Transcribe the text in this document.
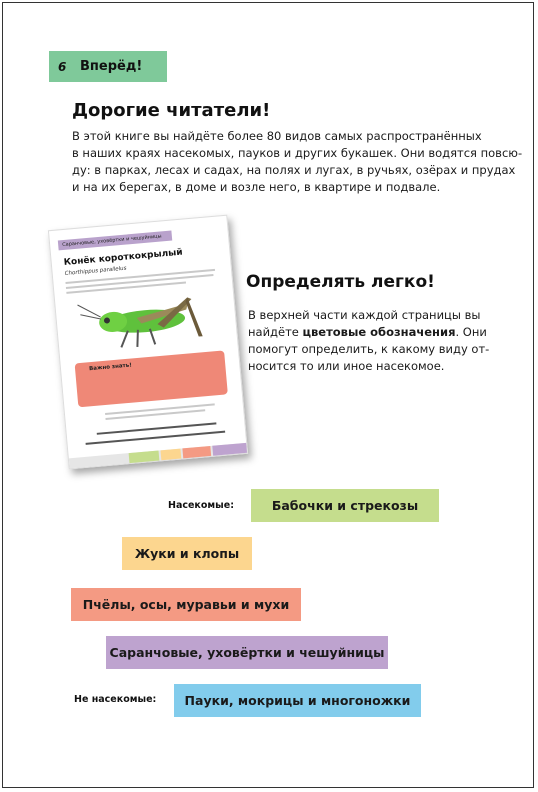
6	Вперёд!
Дорогие читатели!
В этой книге вы найдёте более 80 видов самых распространённых
в наших краях насекомых, пауков и других букашек. Они водятся повсю-
ду: в парках, лесах и садах, на полях и лугах, в ручьях, озёрах и прудах
и на их берегах, в доме и возле него, в квартире и подвале.
Саранчовые, уховёртки и чешуйницы
Конёк короткокрылый
Chorthippus parallelus
Важно знать!
Определять легко!
В верхней части каждой страницы вы
найдёте цветовые обозначения. Они
помогут определить, к какому виду от-
носится то или иное насекомое.
Насекомые:
Не насекомые:
Бабочки и стрекозы
Жуки и клопы
Пчёлы, осы, муравьи и мухи
Саранчовые, уховёртки и чешуйницы
Пауки, мокрицы и многоножки
